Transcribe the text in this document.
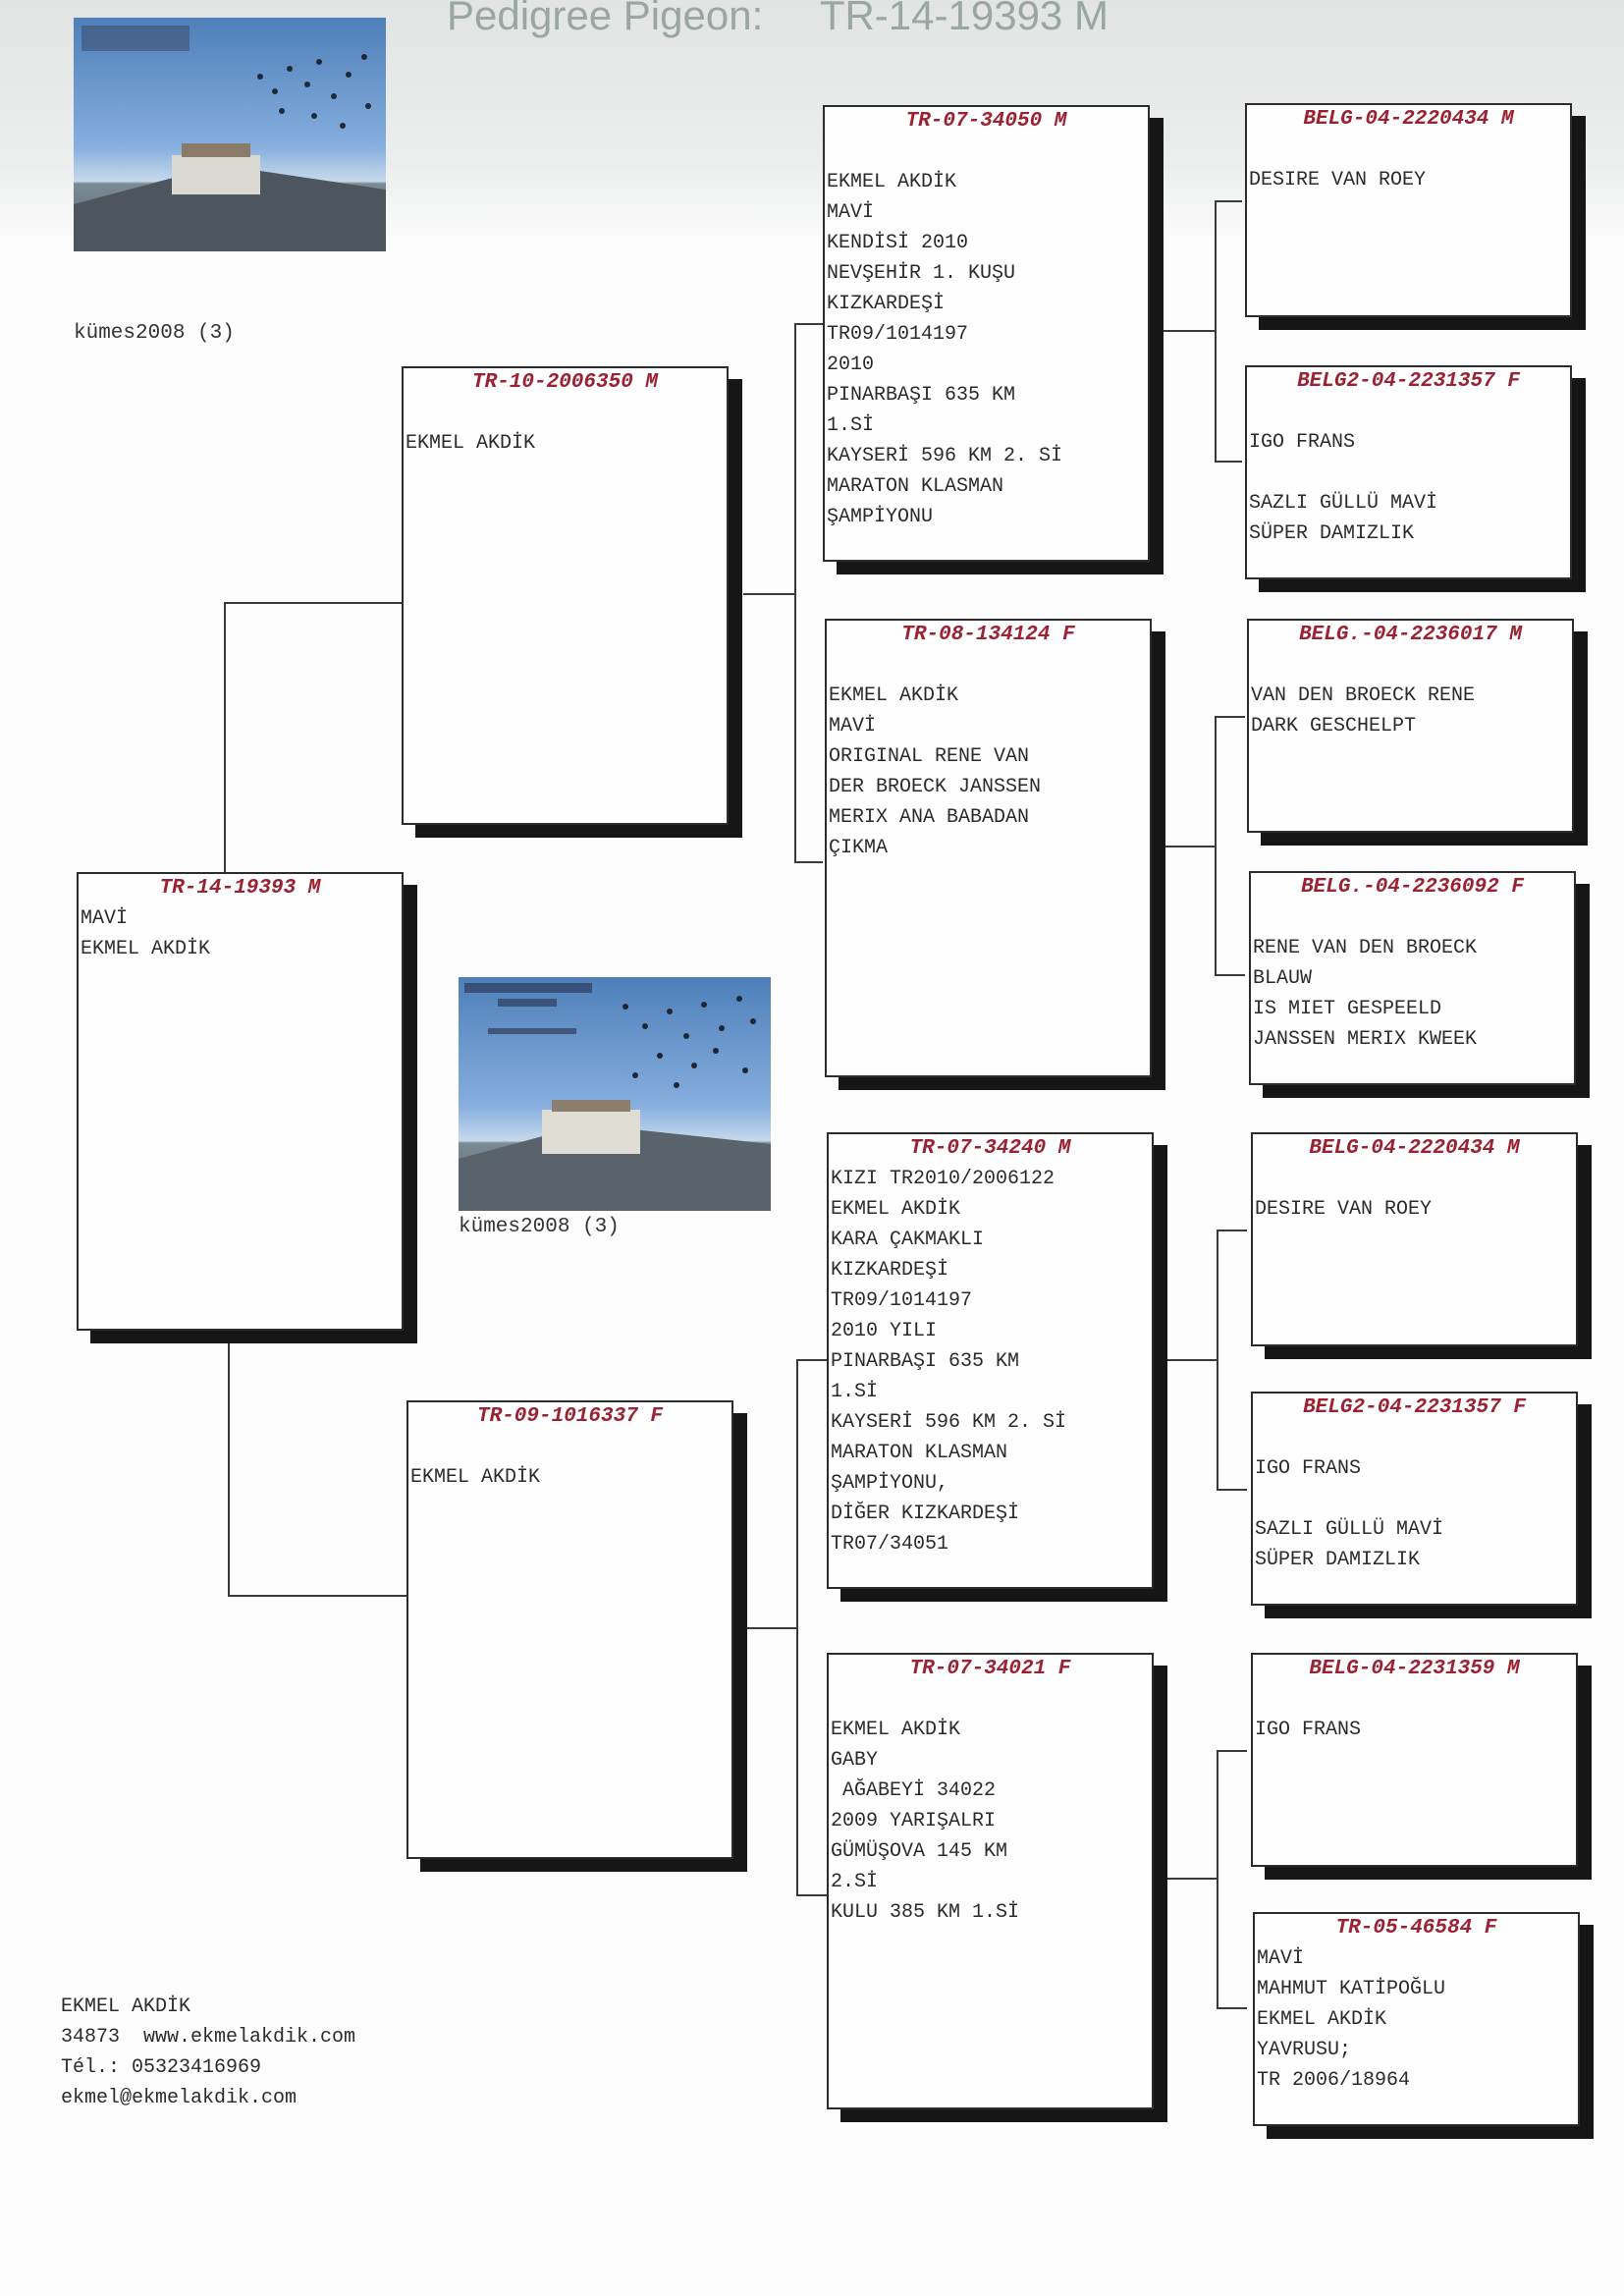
Pedigree Pigeon:     TR-14-19393 M
kümes2008 (3)
kümes2008 (3)
TR-14-19393 M
MAVİ
EKMEL AKDİK
TR-10-2006350 M
EKMEL AKDİK
TR-09-1016337 F
EKMEL AKDİK
TR-07-34050 M
EKMEL AKDİK
MAVİ
KENDİSİ 2010
NEVŞEHİR 1. KUŞU
KIZKARDEŞİ
TR09/1014197
2010
PINARBAŞI 635 KM
1.Sİ
KAYSERİ 596 KM 2. Sİ
MARATON KLASMAN
ŞAMPİYONU
TR-08-134124 F
EKMEL AKDİK
MAVİ
ORIGINAL RENE VAN
DER BROECK JANSSEN
MERIX ANA BABADAN
ÇIKMA
TR-07-34240 M
KIZI TR2010/2006122
EKMEL AKDİK
KARA ÇAKMAKLI
KIZKARDEŞİ
TR09/1014197
2010 YILI
PINARBAŞI 635 KM
1.Sİ
KAYSERİ 596 KM 2. Sİ
MARATON KLASMAN
ŞAMPİYONU,
DİĞER KIZKARDEŞİ
TR07/34051
TR-07-34021 F
EKMEL AKDİK
GABY
AĞABEYİ 34022
2009 YARIŞALRI
GÜMÜŞOVA 145 KM
2.Sİ
KULU 385 KM 1.Sİ
BELG-04-2220434 M
DESIRE VAN ROEY
BELG2-04-2231357 F
IGO FRANS
SAZLI GÜLLÜ MAVİ
SÜPER DAMIZLIK
BELG.-04-2236017 M
VAN DEN BROECK RENE
DARK GESCHELPT
BELG.-04-2236092 F
RENE VAN DEN BROECK
BLAUW
IS MIET GESPEELD
JANSSEN MERIX KWEEK
BELG-04-2220434 M
DESIRE VAN ROEY
BELG2-04-2231357 F
IGO FRANS
SAZLI GÜLLÜ MAVİ
SÜPER DAMIZLIK
BELG-04-2231359 M
IGO FRANS
TR-05-46584 F
MAVİ
MAHMUT KATİPOĞLU
EKMEL AKDİK
YAVRUSU;
TR 2006/18964
EKMEL AKDİK
34873  www.ekmelakdik.com
Tél.: 05323416969
ekmel@ekmelakdik.com
